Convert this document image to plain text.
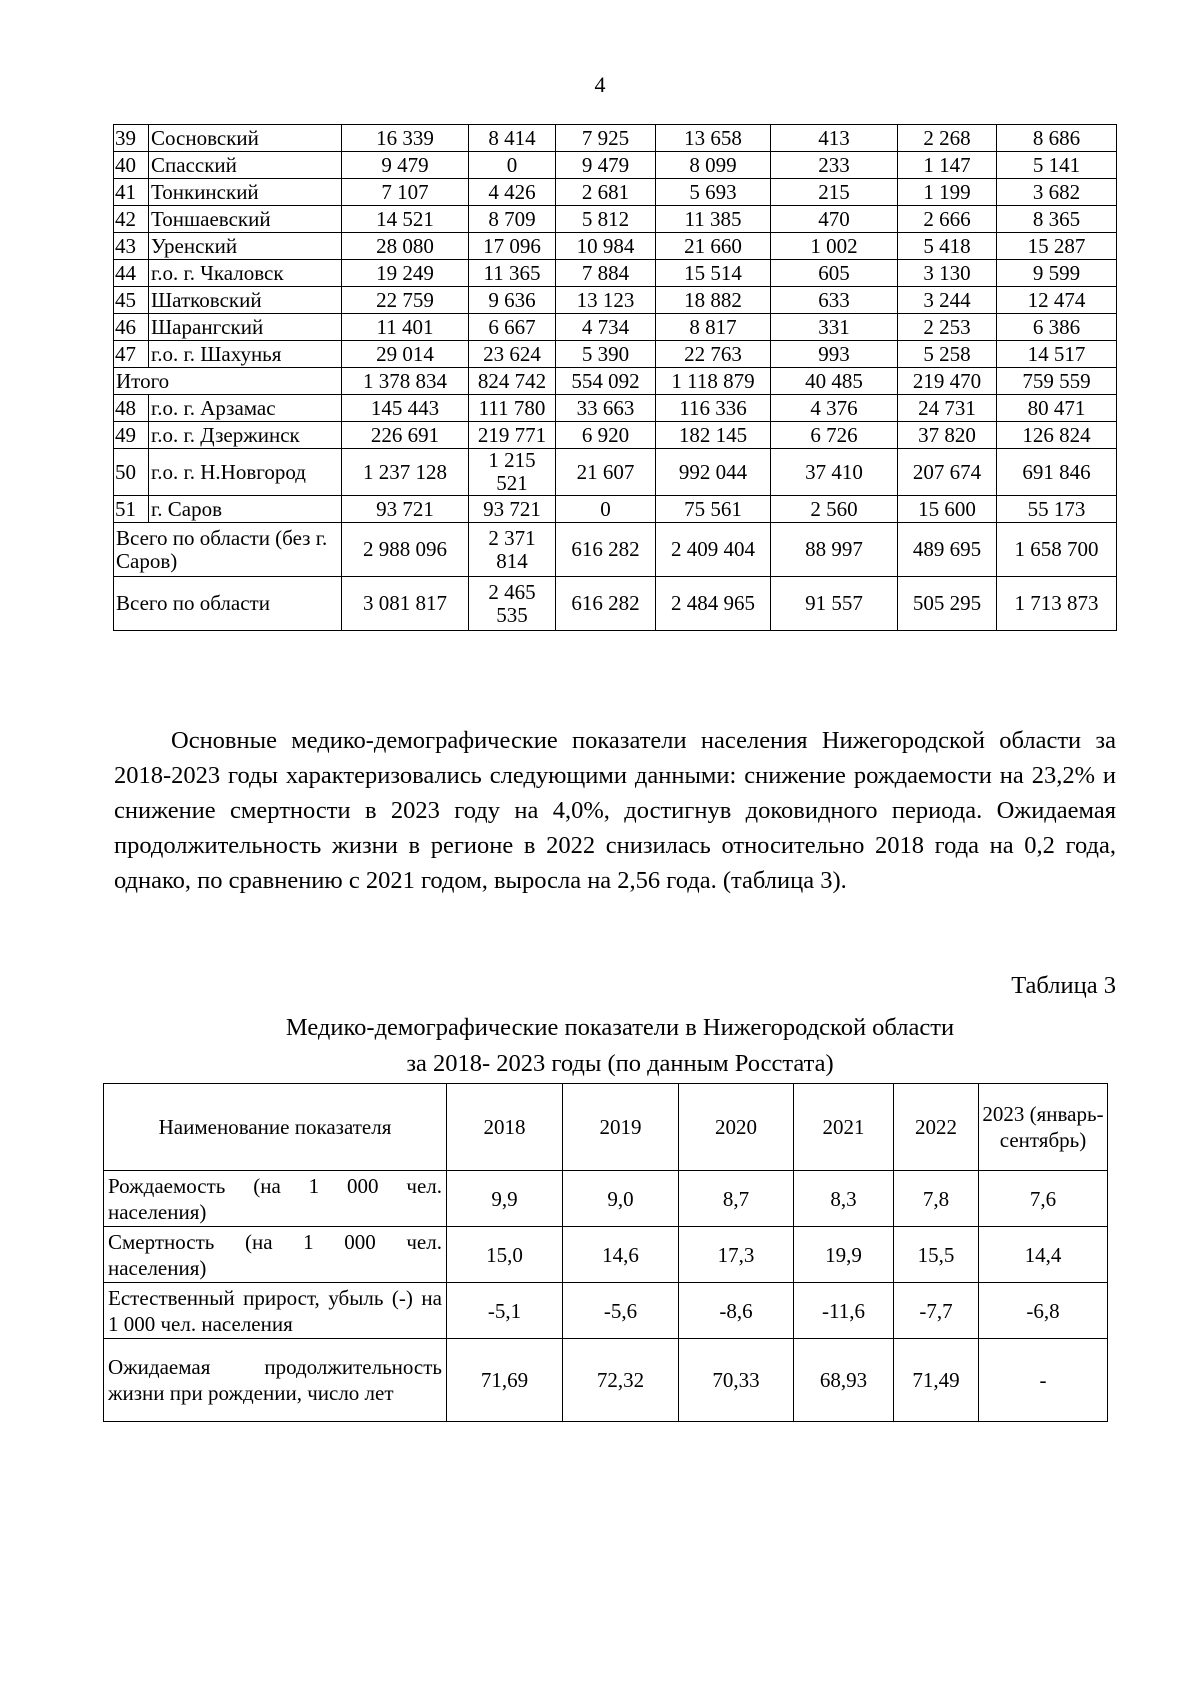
4
39	Сосновский	16 339	8 414	7 925	13 658	413	2 268	8 686
40	Спасский	9 479	0	9 479	8 099	233	1 147	5 141
41	Тонкинский	7 107	4 426	2 681	5 693	215	1 199	3 682
42	Тоншаевский	14 521	8 709	5 812	11 385	470	2 666	8 365
43	Уренский	28 080	17 096	10 984	21 660	1 002	5 418	15 287
44	г.о. г. Чкаловск	19 249	11 365	7 884	15 514	605	3 130	9 599
45	Шатковский	22 759	9 636	13 123	18 882	633	3 244	12 474
46	Шарангский	11 401	6 667	4 734	8 817	331	2 253	6 386
47	г.о. г. Шахунья	29 014	23 624	5 390	22 763	993	5 258	14 517
Итого		1 378 834	824 742	554 092	1 118 879	40 485	219 470	759 559
48	г.о. г. Арзамас	145 443	111 780	33 663	116 336	4 376	24 731	80 471
49	г.о. г. Дзержинск	226 691	219 771	6 920	182 145	6 726	37 820	126 824
50	г.о. г. Н.Новгород	1 237 128	1 215 521	21 607	992 044	37 410	207 674	691 846
51	г. Саров	93 721	93 721	0	75 561	2 560	15 600	55 173
Всего по области (без г. Саров)		2 988 096	2 371 814	616 282	2 409 404	88 997	489 695	1 658 700
Всего по области		3 081 817	2 465 535	616 282	2 484 965	91 557	505 295	1 713 873

Основные медико-демографические показатели населения Нижегородской области за 2018-2023 годы характеризовались следующими данными: снижение рождаемости на 23,2% и снижение смертности в 2023 году на 4,0%, достигнув доковидного периода. Ожидаемая продолжительность жизни в регионе в 2022 снизилась относительно 2018 года на 0,2 года, однако, по сравнению с 2021 годом, выросла на 2,56 года. (таблица 3).

Таблица 3
Медико-демографические показатели в Нижегородской области
за 2018- 2023 годы (по данным Росстата)
Наименование показателя	2018	2019	2020	2021	2022	2023 (январь-сентябрь)
Рождаемость (на 1 000 чел. населения)	9,9	9,0	8,7	8,3	7,8	7,6
Смертность (на 1 000 чел. населения)	15,0	14,6	17,3	19,9	15,5	14,4
Естественный прирост, убыль (-) на 1 000 чел. населения	-5,1	-5,6	-8,6	-11,6	-7,7	-6,8
Ожидаемая продолжительность жизни при рождении, число лет	71,69	72,32	70,33	68,93	71,49	-
